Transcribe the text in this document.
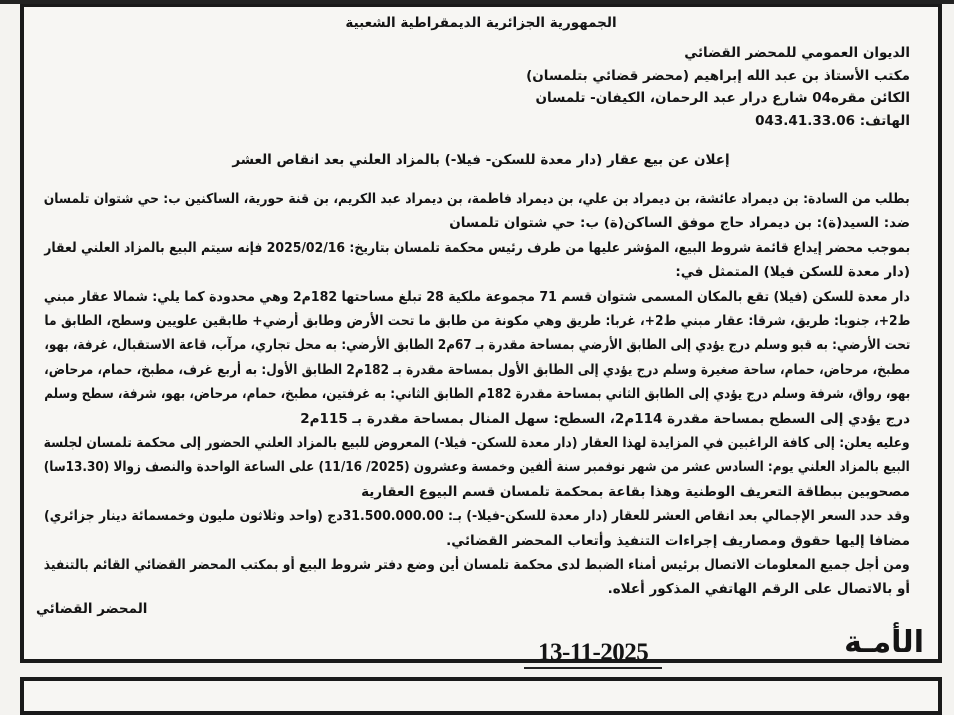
الجمهورية الجزائرية الديمقراطية الشعبية
الديوان العمومي للمحضر القضائي
مكتب الأستاذ بن عبد الله إبراهيم (محضر قضائي بتلمسان)
الكائن مقره04 شارع درار عبد الرحمان، الكيفان- تلمسان
الهاتف: 043.41.33.06
إعلان عن بيع عقار (دار معدة للسكن- فيلا-) بالمزاد العلني بعد انقاص العشر
بطلب من السادة: بن ديمراد عائشة، بن ديمراد بن علي، بن ديمراد فاطمة، بن ديمراد عبد الكريم، بن قنة حورية، الساكنين ب: حي شتوان تلمسان
ضد: السيد(ة): بن ديمراد حاج موفق الساكن(ة) ب: حي شتوان تلمسان
بموجب محضر إيداع قائمة شروط البيع، المؤشر عليها من طرف رئيس محكمة تلمسان بتاريخ: 2025/02/16 فإنه سيتم البيع بالمزاد العلني لعقار
(دار معدة للسكن فيلا) المتمثل في:
دار معدة للسكن (فيلا) تقع بالمكان المسمى شتوان قسم 71 مجموعة ملكية 28 تبلغ مساحتها 182م2 وهي محدودة كما يلي: شمالا عقار مبني
ط2+، جنوبا: طريق، شرقا: عقار مبني ط2+، غربا: طريق وهي مكونة من طابق ما تحت الأرض وطابق أرضي+ طابقين علويين وسطح، الطابق ما
تحت الأرضي: به قبو وسلم درج يؤدي إلى الطابق الأرضي بمساحة مقدرة بـ 67م2 الطابق الأرضي: به محل تجاري، مرآب، قاعة الاستقبال، غرفة، بهو،
مطبخ، مرحاض، حمام، ساحة صغيرة وسلم درج يؤدي إلى الطابق الأول بمساحة مقدرة بـ 182م2 الطابق الأول: به أربع غرف، مطبخ، حمام، مرحاض،
بهو، رواق، شرفة وسلم درج يؤدي إلى الطابق الثاني بمساحة مقدرة 182م الطابق الثاني: به غرفتين، مطبخ، حمام، مرحاض، بهو، شرفة، سطح وسلم
درج يؤدي إلى السطح بمساحة مقدرة 114م2، السطح: سهل المنال بمساحة مقدرة بـ 115م2
وعليه يعلن: إلى كافة الراغبين في المزايدة لهذا العقار (دار معدة للسكن- فيلا-) المعروض للبيع بالمزاد العلني الحضور إلى محكمة تلمسان لجلسة
البيع بالمزاد العلني يوم: السادس عشر من شهر نوفمبر سنة ألفين وخمسة وعشرون (2025/ 11/16) على الساعة الواحدة والنصف زوالا (13.30سا)
مصحوبين ببطاقة التعريف الوطنية وهذا بقاعة بمحكمة تلمسان قسم البيوع العقارية
وقد حدد السعر الإجمالي بعد انقاص العشر للعقار (دار معدة للسكن-فيلا-) بـ: 31.500.000.00دج (واحد وثلاثون مليون وخمسمائة دينار جزائري)
مضافا إليها حقوق ومصاريف إجراءات التنفيذ وأتعاب المحضر القضائي.
ومن أجل جميع المعلومات الاتصال برئيس أمناء الضبط لدى محكمة تلمسان أين وضع دفتر شروط البيع أو بمكتب المحضر القضائي القائم بالتنفيذ
أو بالاتصال على الرقم الهاتفي المذكور أعلاه.
المحضر القضائي
13-11-2025	الأمـة
